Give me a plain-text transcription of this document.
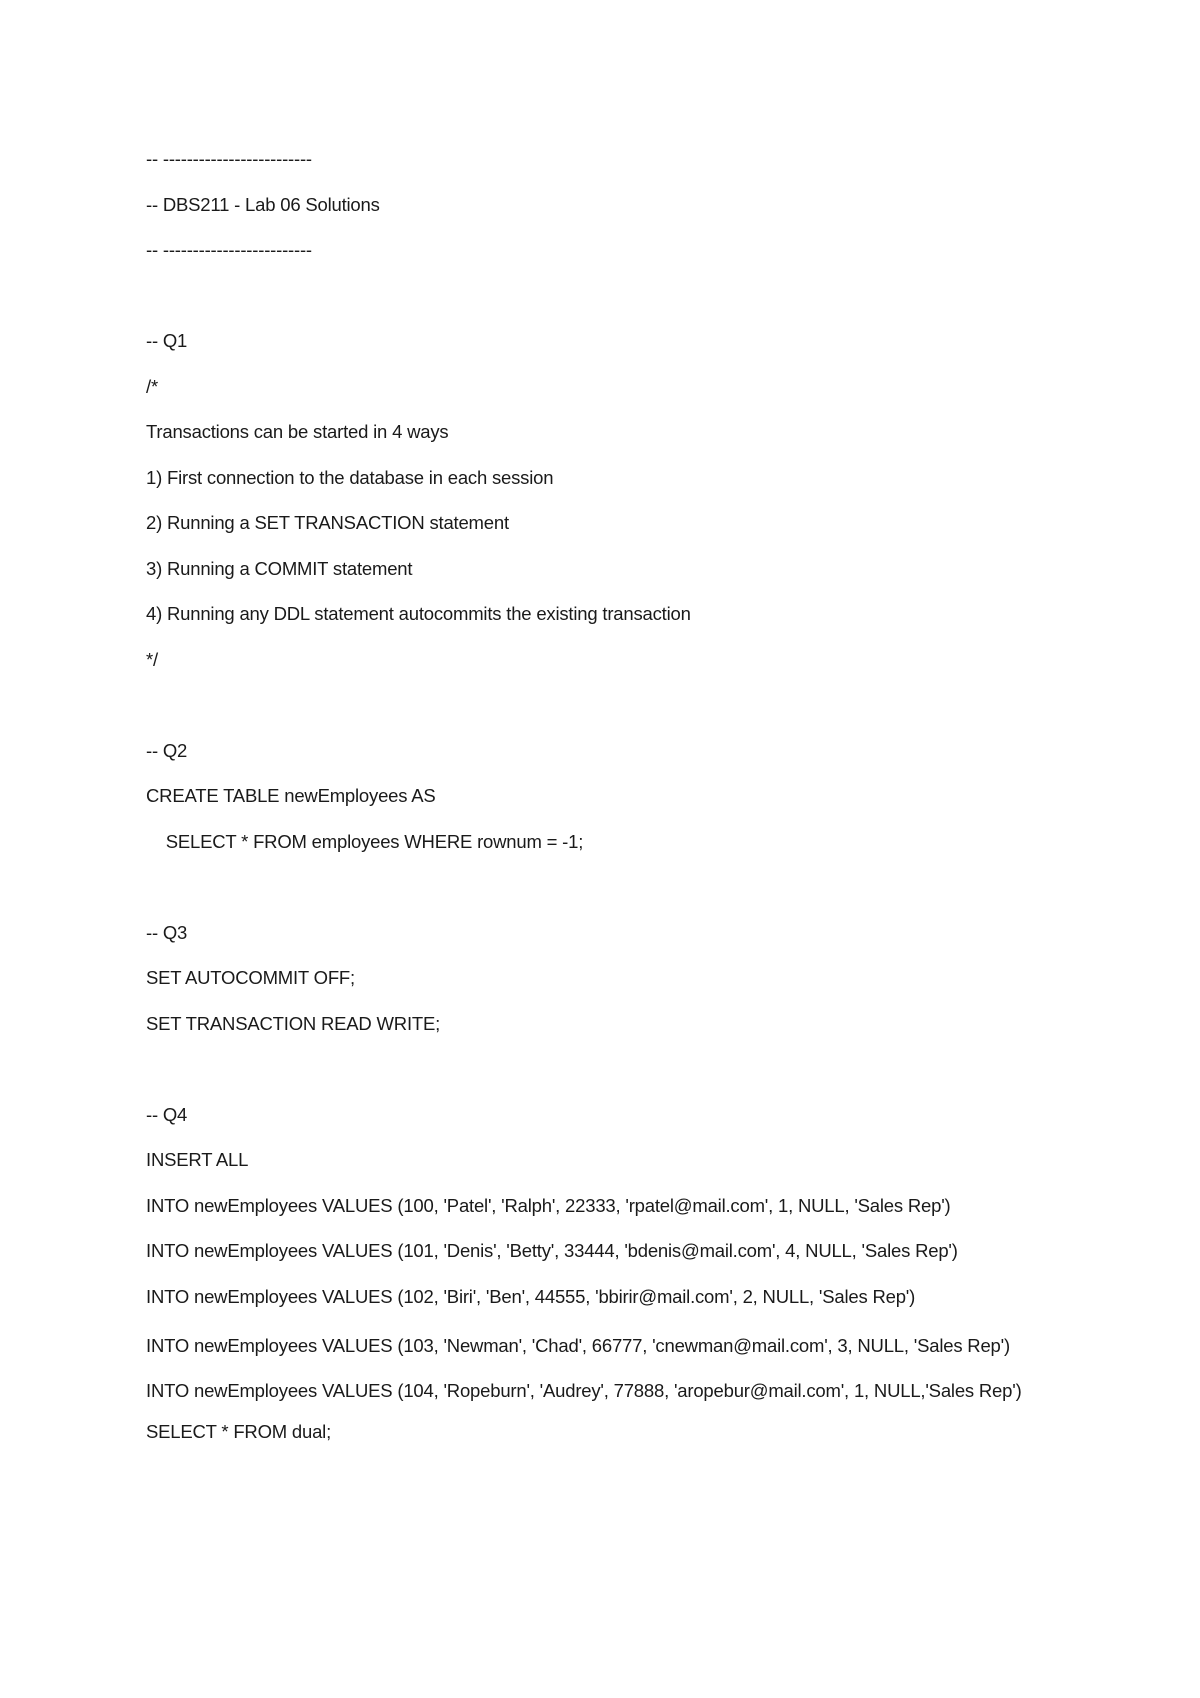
-- -------------------------
-- DBS211 - Lab 06 Solutions
-- -------------------------
-- Q1
/*
Transactions can be started in 4 ways
1) First connection to the database in each session
2) Running a SET TRANSACTION statement
3) Running a COMMIT statement
4) Running any DDL statement autocommits the existing transaction
*/
-- Q2
CREATE TABLE newEmployees AS
SELECT * FROM employees WHERE rownum = -1;
-- Q3
SET AUTOCOMMIT OFF;
SET TRANSACTION READ WRITE;
-- Q4
INSERT ALL
INTO newEmployees VALUES (100, 'Patel', 'Ralph', 22333, 'rpatel@mail.com', 1, NULL, 'Sales Rep')
INTO newEmployees VALUES (101, 'Denis', 'Betty', 33444, 'bdenis@mail.com', 4, NULL, 'Sales Rep')
INTO newEmployees VALUES (102, 'Biri', 'Ben', 44555, 'bbirir@mail.com', 2, NULL, 'Sales Rep')
INTO newEmployees VALUES (103, 'Newman', 'Chad', 66777, 'cnewman@mail.com', 3, NULL, 'Sales Rep')
INTO newEmployees VALUES (104, 'Ropeburn', 'Audrey', 77888, 'aropebur@mail.com', 1, NULL,'Sales Rep')
SELECT * FROM dual;
